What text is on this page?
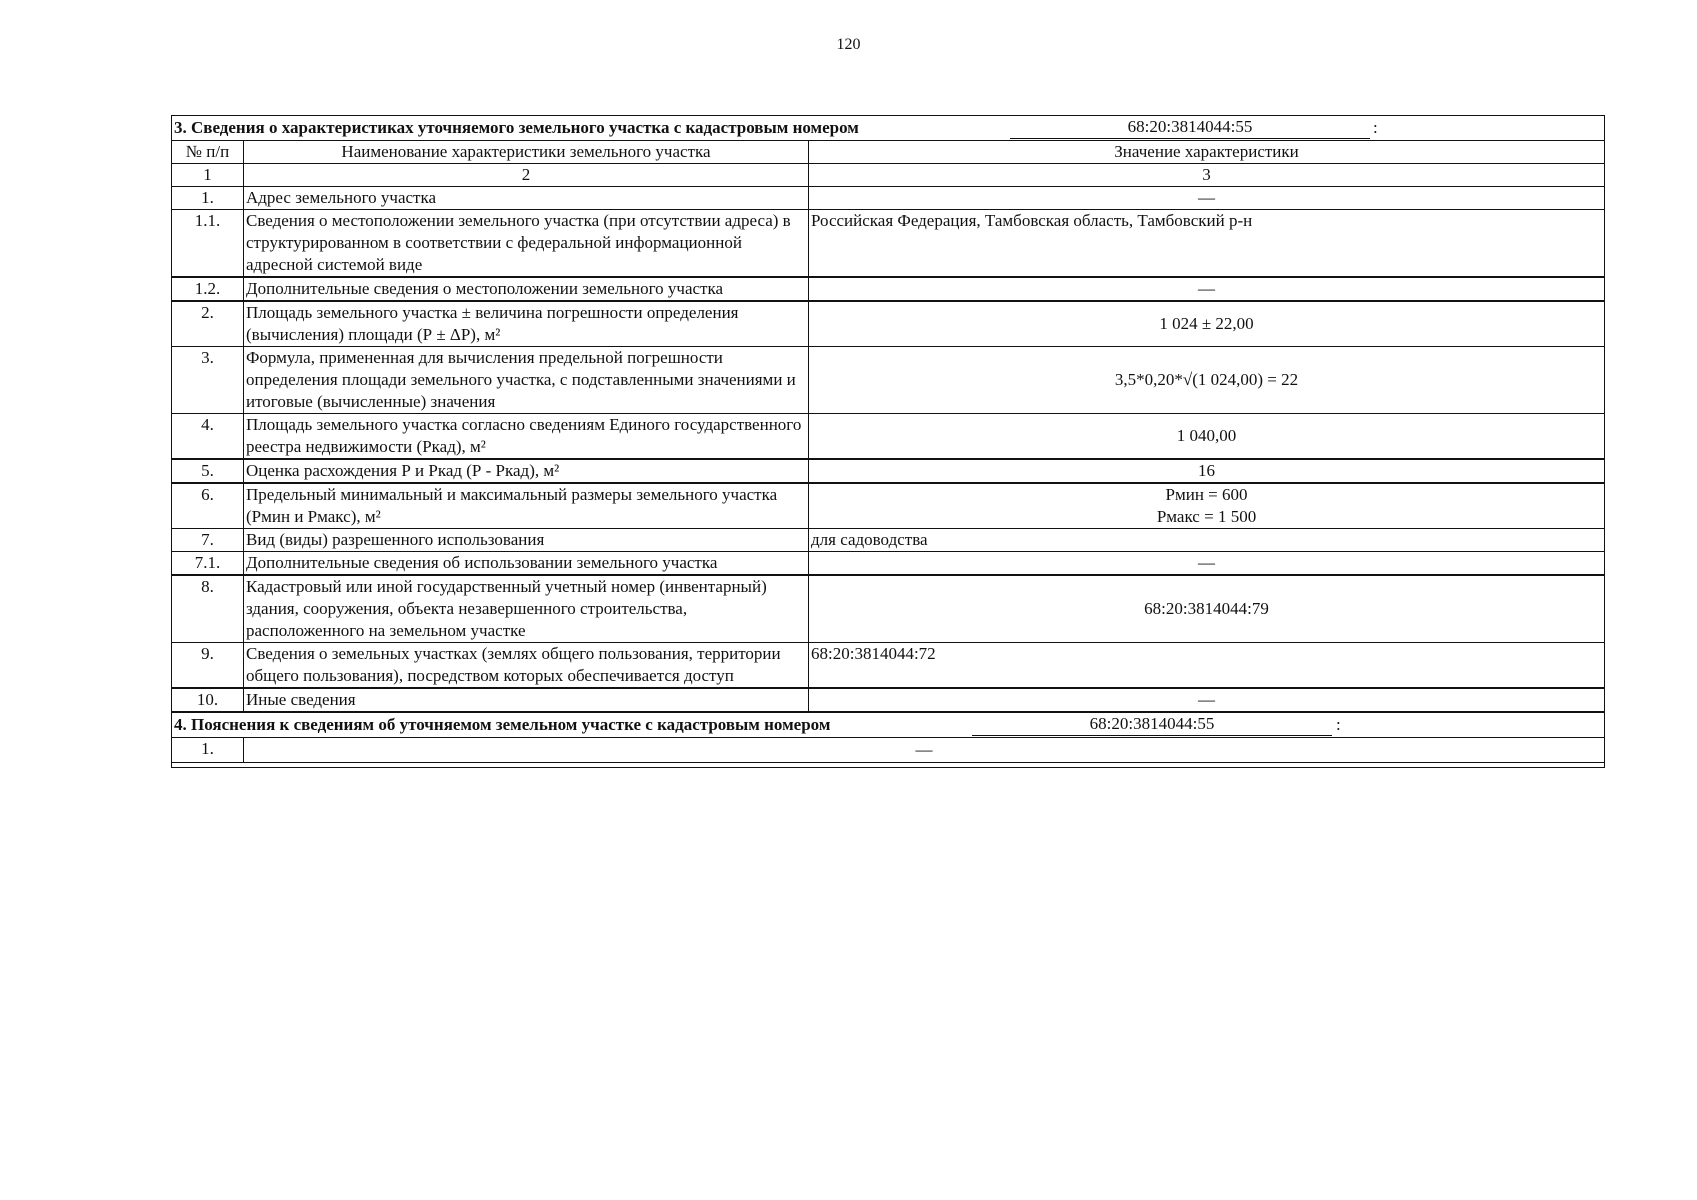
120
3. Сведения о характеристиках уточняемого земельного участка с кадастровым номером 68:20:3814044:55 :		

№ п/п	Наименование характеристики земельного участка	Значение характеристики
1	2	3
1.	Адрес земельного участка	—
1.1.	Сведения о местоположении земельного участка (при отсутствии адреса) в структурированном в соответствии с федеральной информационной адресной системой виде	Российская Федерация, Тамбовская область, Тамбовский р-н
1.2.	Дополнительные сведения о местоположении земельного участка	—
2.	Площадь земельного участка ± величина погрешности определения (вычисления) площади (Р ± ΔР), м²	1 024 ± 22,00
3.	Формула, примененная для вычисления предельной погрешности определения площади земельного участка, с подставленными значениями и итоговые (вычисленные) значения	3,5*0,20*√(1 024,00) = 22
4.	Площадь земельного участка согласно сведениям Единого государственного реестра недвижимости (Ркад), м²	1 040,00
5.	Оценка расхождения Р и Ркад (Р - Ркад), м²	16
6.	Предельный минимальный и максимальный размеры земельного участка (Рмин и Рмакс), м²	Рмин = 600
Рмакс = 1 500

7.	Вид (виды) разрешенного использования	для садоводства
7.1.	Дополнительные сведения об использовании земельного участка	—
8.	Кадастровый или иной государственный учетный номер (инвентарный) здания, сооружения, объекта незавершенного строительства, расположенного на земельном участке	68:20:3814044:79
9.	Сведения о земельных участках (землях общего пользования, территории общего пользования), посредством которых обеспечивается доступ	68:20:3814044:72
10.	Иные сведения	—

4. Пояснения к сведениям об уточняемом земельном участке с кадастровым номером 68:20:3814044:55 :		

1.	—	
